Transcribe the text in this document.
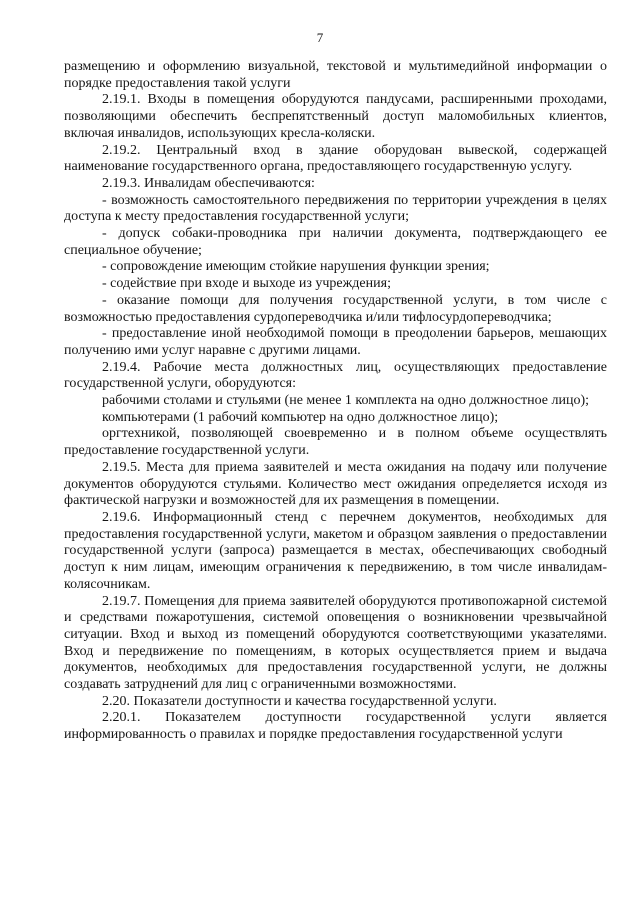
7

размещению и оформлению визуальной, текстовой и мультимедийной информации о порядке предоставления такой услуги

2.19.1. Входы в помещения оборудуются пандусами, расширенными проходами, позволяющими обеспечить беспрепятственный доступ маломобильных клиентов, включая инвалидов, использующих кресла-коляски.

2.19.2. Центральный вход в здание оборудован вывеской, содержащей наименование государственного органа, предоставляющего государственную услугу.

2.19.3. Инвалидам обеспечиваются:

- возможность самостоятельного передвижения по территории учреждения в целях доступа к месту предоставления государственной услуги;

- допуск собаки-проводника при наличии документа, подтверждающего ее специальное обучение;

- сопровождение имеющим стойкие нарушения функции зрения;

- содействие при входе и выходе из учреждения;

- оказание помощи для получения государственной услуги, в том числе с возможностью предоставления сурдопереводчика и/или тифлосурдопереводчика;

- предоставление иной необходимой помощи в преодолении барьеров, мешающих получению ими услуг наравне с другими лицами.

2.19.4. Рабочие места должностных лиц, осуществляющих предоставление государственной услуги, оборудуются:

рабочими столами и стульями (не менее 1 комплекта на одно должностное лицо);

компьютерами (1 рабочий компьютер на одно должностное лицо);

оргтехникой, позволяющей своевременно и в полном объеме осуществлять предоставление государственной услуги.

2.19.5. Места для приема заявителей и места ожидания на подачу или получение документов оборудуются стульями. Количество мест ожидания определяется исходя из фактической нагрузки и возможностей для их размещения в помещении.

2.19.6. Информационный стенд с перечнем документов, необходимых для предоставления государственной услуги, макетом и образцом заявления о предоставлении государственной услуги (запроса) размещается в местах, обеспечивающих свободный доступ к ним лицам, имеющим ограничения к передвижению, в том числе инвалидам-колясочникам.

2.19.7. Помещения для приема заявителей оборудуются противопожарной системой и средствами пожаротушения, системой оповещения о возникновении чрезвычайной ситуации. Вход и выход из помещений оборудуются соответствующими указателями. Вход и передвижение по помещениям, в которых осуществляется прием и выдача документов, необходимых для предоставления государственной услуги, не должны создавать затруднений для лиц с ограниченными возможностями.

2.20. Показатели доступности и качества государственной услуги.

2.20.1. Показателем доступности государственной услуги является информированность о правилах и порядке предоставления государственной услуги
